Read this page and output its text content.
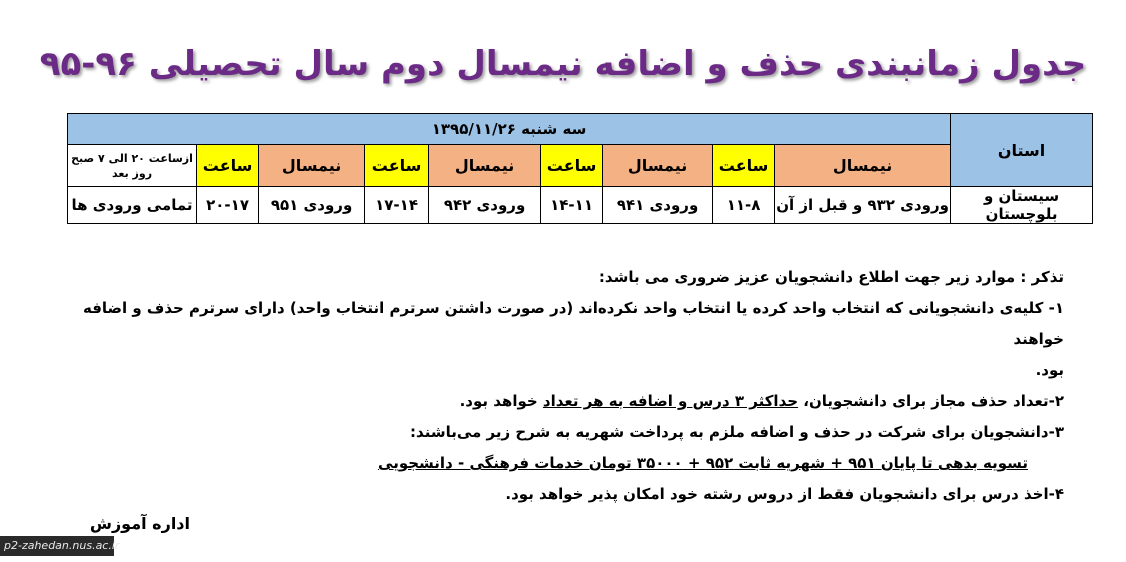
جدول زمانبندی حذف و اضافه نیمسال دوم سال تحصیلی ۹۶-۹۵
استان	سه شنبه ۱۳۹۵/۱۱/۲۶								
	نیمسال	ساعت	نیمسال	ساعت	نیمسال	ساعت	نیمسال	ساعت	ازساعت ۲۰ الی ۷ صبح
روز بعد

سیستان و بلوچستان	ورودی ۹۳۲ و قبل از آن	۱۱-۸	ورودی ۹۴۱	۱۴-۱۱	ورودی ۹۴۲	۱۷-۱۴	ورودی ۹۵۱	۲۰-۱۷	تمامی ورودی ها
تذکر : موارد زیر جهت اطلاع دانشجویان عزیز ضروری می باشد:
۱- کلیه‌ی دانشجویانی که انتخاب واحد کرده یا انتخاب واحد نکرده‌اند (در صورت داشتن سرترم انتخاب واحد) دارای سرترم حذف و اضافه خواهند
بود.
۲-تعداد حذف مجاز برای دانشجویان، حداکثر ۳ درس و اضافه به هر تعداد خواهد بود.
۳-دانشجویان برای شرکت در حذف و اضافه ملزم به پرداخت شهریه به شرح زیر می‌باشند:
تسویه بدهی تا پایان ۹۵۱ + شهریه ثابت ۹۵۲ + ۳۵۰۰۰ تومان خدمات فرهنگی - دانشجویی
۴-اخذ درس برای دانشجویان فقط از دروس رشته خود امکان پذیر خواهد بود.
اداره آموزش
p2-zahedan.nus.ac.ir
